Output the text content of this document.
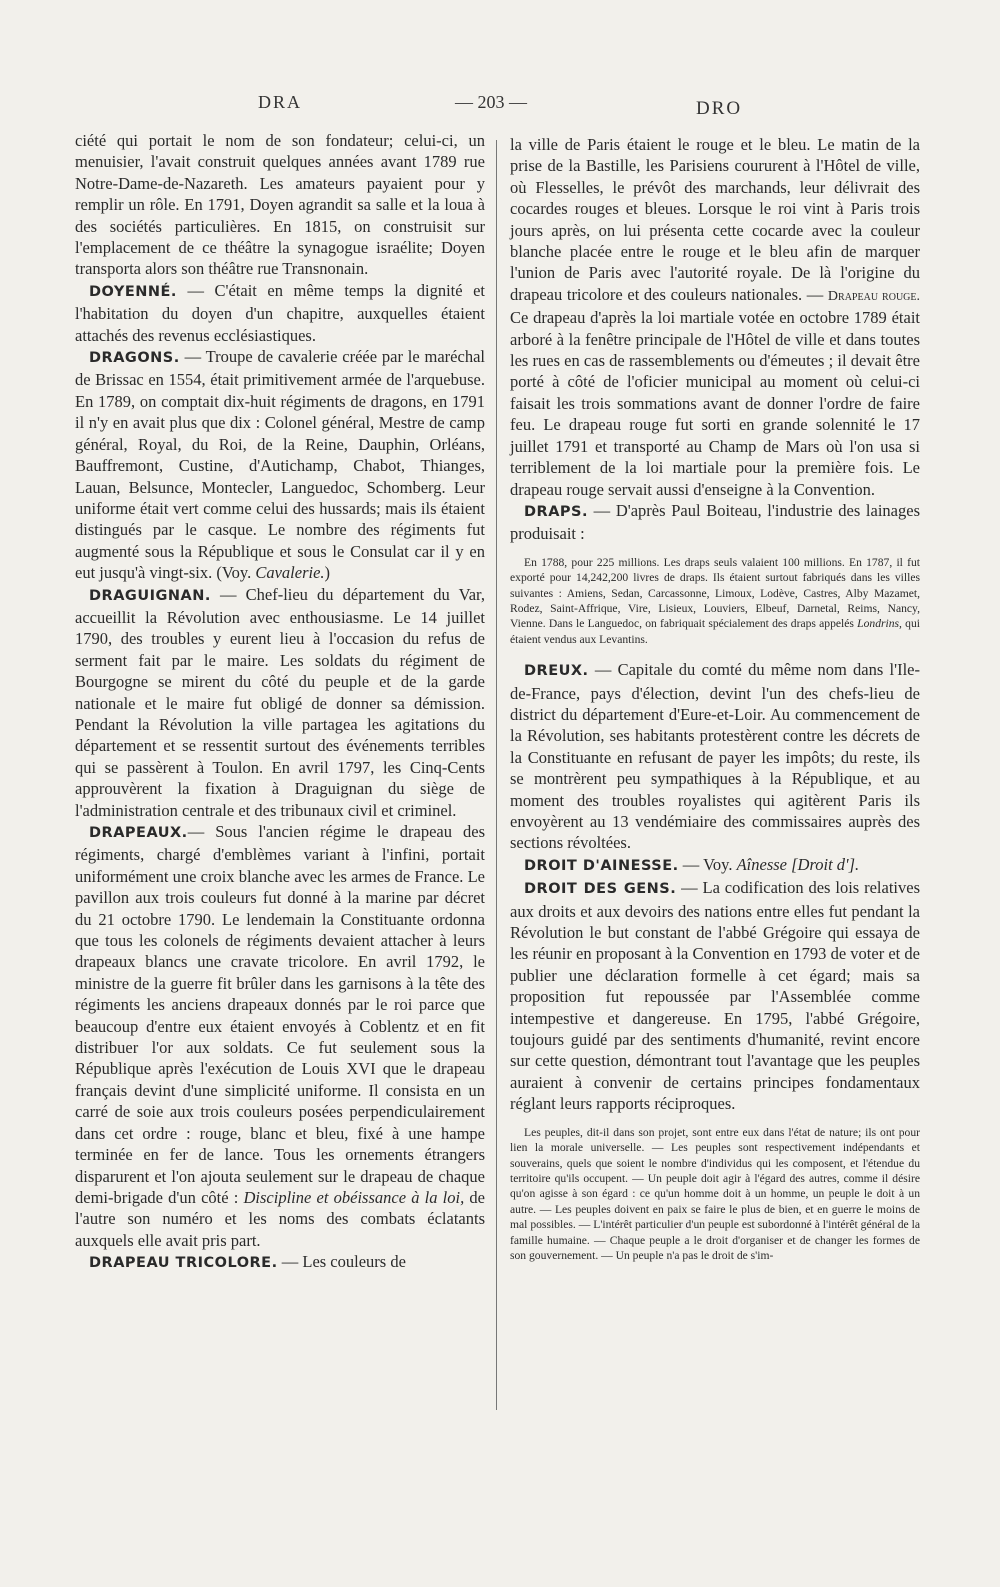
DRA	— 203 —	DRO

ciété qui portait le nom de son fondateur; celui-ci, un menuisier, l'avait construit quelques années avant 1789 rue Notre-Dame-de-Nazareth. Les amateurs payaient pour y remplir un rôle. En 1791, Doyen agrandit sa salle et la loua à des sociétés particulières. En 1815, on construisit sur l'emplacement de ce théâtre la synagogue israélite; Doyen transporta alors son théâtre rue Transnonain.

DOYENNÉ. — C'était en même temps la dignité et l'habitation du doyen d'un chapitre, auxquelles étaient attachés des revenus ecclésiastiques.

DRAGONS. — Troupe de cavalerie créée par le maréchal de Brissac en 1554, était primitivement armée de l'arquebuse. En 1789, on comptait dix-huit régiments de dragons, en 1791 il n'y en avait plus que dix : Colonel général, Mestre de camp général, Royal, du Roi, de la Reine, Dauphin, Orléans, Bauffremont, Custine, d'Autichamp, Chabot, Thianges, Lauan, Belsunce, Montecler, Languedoc, Schomberg. Leur uniforme était vert comme celui des hussards; mais ils étaient distingués par le casque. Le nombre des régiments fut augmenté sous la République et sous le Consulat car il y en eut jusqu'à vingt-six. (Voy. Cavalerie.)

DRAGUIGNAN. — Chef-lieu du département du Var, accueillit la Révolution avec enthousiasme. Le 14 juillet 1790, des troubles y eurent lieu à l'occasion du refus de serment fait par le maire. Les soldats du régiment de Bourgogne se mirent du côté du peuple et de la garde nationale et le maire fut obligé de donner sa démission. Pendant la Révolution la ville partagea les agitations du département et se ressentit surtout des événements terribles qui se passèrent à Toulon. En avril 1797, les Cinq-Cents approuvèrent la fixation à Draguignan du siège de l'administration centrale et des tribunaux civil et criminel.

DRAPEAUX.— Sous l'ancien régime le drapeau des régiments, chargé d'emblèmes variant à l'infini, portait uniformément une croix blanche avec les armes de France. Le pavillon aux trois couleurs fut donné à la marine par décret du 21 octobre 1790. Le lendemain la Constituante ordonna que tous les colonels de régiments devaient attacher à leurs drapeaux blancs une cravate tricolore. En avril 1792, le ministre de la guerre fit brûler dans les garnisons à la tête des régiments les anciens drapeaux donnés par le roi parce que beaucoup d'entre eux étaient envoyés à Coblentz et en fit distribuer l'or aux soldats. Ce fut seulement sous la République après l'exécution de Louis XVI que le drapeau français devint d'une simplicité uniforme. Il consista en un carré de soie aux trois couleurs posées perpendiculairement dans cet ordre : rouge, blanc et bleu, fixé à une hampe terminée en fer de lance. Tous les ornements étrangers disparurent et l'on ajouta seulement sur le drapeau de chaque demi-brigade d'un côté : Discipline et obéissance à la loi, de l'autre son numéro et les noms des combats éclatants auxquels elle avait pris part.

DRAPEAU TRICOLORE. — Les couleurs de

la ville de Paris étaient le rouge et le bleu. Le matin de la prise de la Bastille, les Parisiens coururent à l'Hôtel de ville, où Flesselles, le prévôt des marchands, leur délivrait des cocardes rouges et bleues. Lorsque le roi vint à Paris trois jours après, on lui présenta cette cocarde avec la couleur blanche placée entre le rouge et le bleu afin de marquer l'union de Paris avec l'autorité royale. De là l'origine du drapeau tricolore et des couleurs nationales. — Drapeau rouge. Ce drapeau d'après la loi martiale votée en octobre 1789 était arboré à la fenêtre principale de l'Hôtel de ville et dans toutes les rues en cas de rassemblements ou d'émeutes ; il devait être porté à côté de l'oficier municipal au moment où celui-ci faisait les trois sommations avant de donner l'ordre de faire feu. Le drapeau rouge fut sorti en grande solennité le 17 juillet 1791 et transporté au Champ de Mars où l'on usa si terriblement de la loi martiale pour la première fois. Le drapeau rouge servait aussi d'enseigne à la Convention.

DRAPS. — D'après Paul Boiteau, l'industrie des lainages produisait :

En 1788, pour 225 millions. Les draps seuls valaient 100 millions. En 1787, il fut exporté pour 14,242,200 livres de draps. Ils étaient surtout fabriqués dans les villes suivantes : Amiens, Sedan, Carcassonne, Limoux, Lodève, Castres, Alby Mazamet, Rodez, Saint-Affrique, Vire, Lisieux, Louviers, Elbeuf, Darnetal, Reims, Nancy, Vienne. Dans le Languedoc, on fabriquait spécialement des draps appelés Londrins, qui étaient vendus aux Levantins.

DREUX. — Capitale du comté du même nom dans l'Ile-de-France, pays d'élection, devint l'un des chefs-lieu de district du département d'Eure-et-Loir. Au commencement de la Révolution, ses habitants protestèrent contre les décrets de la Constituante en refusant de payer les impôts; du reste, ils se montrèrent peu sympathiques à la République, et au moment des troubles royalistes qui agitèrent Paris ils envoyèrent au 13 vendémiaire des commissaires auprès des sections révoltées.

DROIT D'AINESSE. — Voy. Aînesse [Droit d'].

DROIT DES GENS. — La codification des lois relatives aux droits et aux devoirs des nations entre elles fut pendant la Révolution le but constant de l'abbé Grégoire qui essaya de les réunir en proposant à la Convention en 1793 de voter et de publier une déclaration formelle à cet égard; mais sa proposition fut repoussée par l'Assemblée comme intempestive et dangereuse. En 1795, l'abbé Grégoire, toujours guidé par des sentiments d'humanité, revint encore sur cette question, démontrant tout l'avantage que les peuples auraient à convenir de certains principes fondamentaux réglant leurs rapports réciproques.

Les peuples, dit-il dans son projet, sont entre eux dans l'état de nature; ils ont pour lien la morale universelle. — Les peuples sont respectivement indépendants et souverains, quels que soient le nombre d'individus qui les composent, et l'étendue du territoire qu'ils occupent. — Un peuple doit agir à l'égard des autres, comme il désire qu'on agisse à son égard : ce qu'un homme doit à un homme, un peuple le doit à un autre. — Les peuples doivent en paix se faire le plus de bien, et en guerre le moins de mal possibles. — L'intérêt particulier d'un peuple est subordonné à l'intérêt général de la famille humaine. — Chaque peuple a le droit d'organiser et de changer les formes de son gouvernement. — Un peuple n'a pas le droit de s'im-
